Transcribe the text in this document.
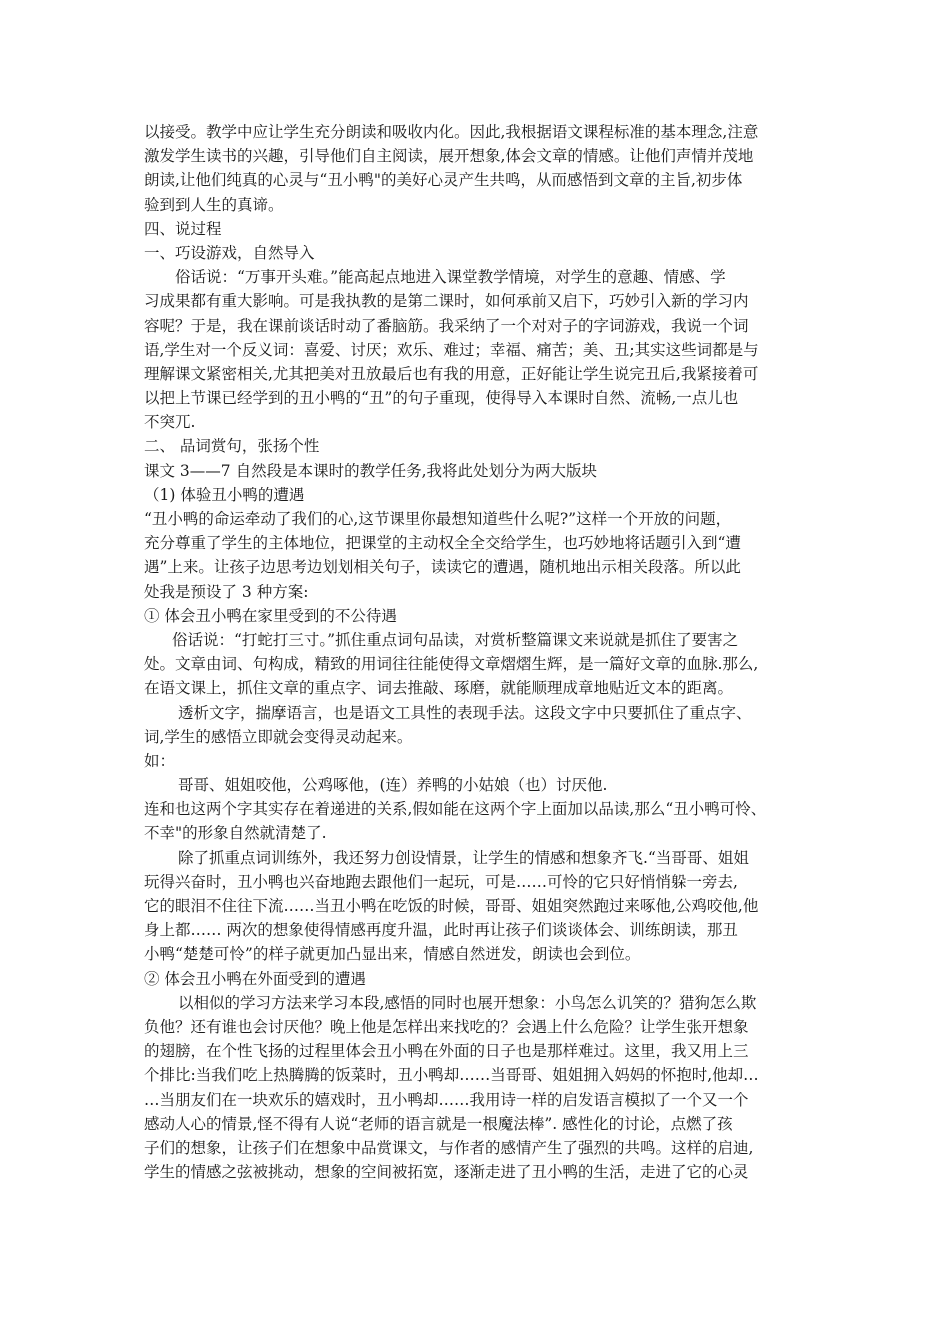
以接受。教学中应让学生充分朗读和吸收内化。因此,我根据语文课程标准的基本理念,注意
激发学生读书的兴趣，引导他们自主阅读，展开想象,体会文章的情感。让他们声情并茂地
朗读,让他们纯真的心灵与“丑小鸭"的美好心灵产生共鸣，从而感悟到文章的主旨,初步体
验到到人生的真谛。
四、说过程
一、巧设游戏，自然导入
俗话说：“万事开头难。”能高起点地进入课堂教学情境，对学生的意趣、情感、学
习成果都有重大影响。可是我执教的是第二课时，如何承前又启下，巧妙引入新的学习内
容呢？于是，我在课前谈话时动了番脑筋。我采纳了一个对对子的字词游戏，我说一个词
语,学生对一个反义词：喜爱、讨厌；欢乐、难过；幸福、痛苦；美、丑;其实这些词都是与
理解课文紧密相关,尤其把美对丑放最后也有我的用意，正好能让学生说完丑后,我紧接着可
以把上节课已经学到的丑小鸭的“丑”的句子重现，使得导入本课时自然、流畅,一点儿也
不突兀.
二、 品词赏句，张扬个性
课文 3——7 自然段是本课时的教学任务,我将此处划分为两大版块
（1) 体验丑小鸭的遭遇
“丑小鸭的命运牵动了我们的心,这节课里你最想知道些什么呢?”这样一个开放的问题，
充分尊重了学生的主体地位，把课堂的主动权全全交给学生，也巧妙地将话题引入到“遭
遇”上来。让孩子边思考边划划相关句子，读读它的遭遇，随机地出示相关段落。所以此
处我是预设了 3 种方案:
① 体会丑小鸭在家里受到的不公待遇
俗话说：“打蛇打三寸。”抓住重点词句品读，对赏析整篇课文来说就是抓住了要害之
处。文章由词、句构成，精致的用词往往能使得文章熠熠生辉，是一篇好文章的血脉.那么,
在语文课上，抓住文章的重点字、词去推敲、琢磨，就能顺理成章地贴近文本的距离。
透析文字，揣摩语言，也是语文工具性的表现手法。这段文字中只要抓住了重点字、
词,学生的感悟立即就会变得灵动起来。
如：
哥哥、姐姐咬他，公鸡啄他，(连）养鸭的小姑娘（也）讨厌他.
连和也这两个字其实存在着递进的关系,假如能在这两个字上面加以品读,那么“丑小鸭可怜、
不幸"的形象自然就清楚了.
除了抓重点词训练外，我还努力创设情景，让学生的情感和想象齐飞.“当哥哥、姐姐
玩得兴奋时，丑小鸭也兴奋地跑去跟他们一起玩，可是……可怜的它只好悄悄躲一旁去,
它的眼泪不住往下流……当丑小鸭在吃饭的时候，哥哥、姐姐突然跑过来啄他,公鸡咬他,他
身上都…… 两次的想象使得情感再度升温，此时再让孩子们谈谈体会、训练朗读，那丑
小鸭“楚楚可怜”的样子就更加凸显出来，情感自然迸发，朗读也会到位。
② 体会丑小鸭在外面受到的遭遇
以相似的学习方法来学习本段,感悟的同时也展开想象：小鸟怎么讥笑的？猎狗怎么欺
负他？还有谁也会讨厌他？晚上他是怎样出来找吃的？会遇上什么危险？让学生张开想象
的翅膀，在个性飞扬的过程里体会丑小鸭在外面的日子也是那样难过。这里，我又用上三
个排比:当我们吃上热腾腾的饭菜时，丑小鸭却……当哥哥、姐姐拥入妈妈的怀抱时,他却…
…当朋友们在一块欢乐的嬉戏时，丑小鸭却……我用诗一样的启发语言模拟了一个又一个
感动人心的情景,怪不得有人说“老师的语言就是一根魔法棒”. 感性化的讨论，点燃了孩
子们的想象，让孩子们在想象中品赏课文，与作者的感情产生了强烈的共鸣。这样的启迪,
学生的情感之弦被挑动，想象的空间被拓宽，逐渐走进了丑小鸭的生活，走进了它的心灵
